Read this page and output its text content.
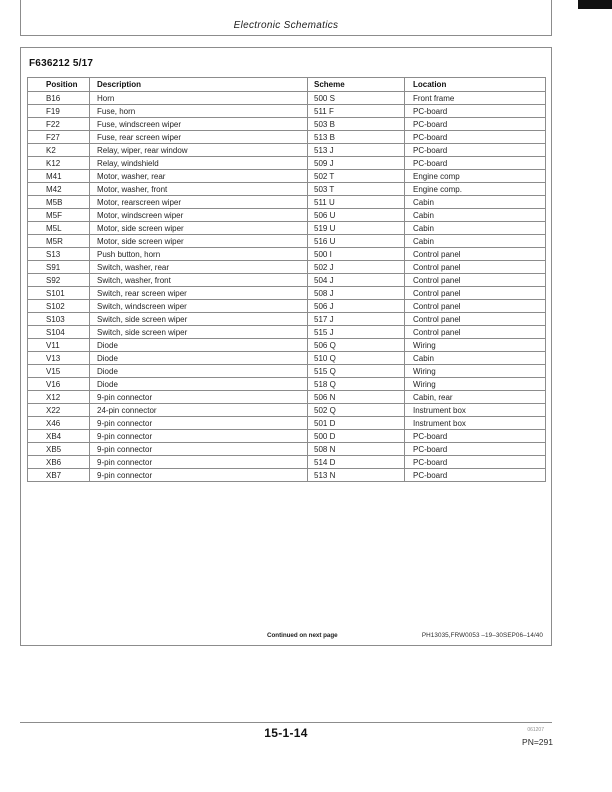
Electronic Schematics
F636212 5/17
Position	Description	Scheme	Location
B16	Horn	500 S	Front frame
F19	Fuse, horn	511 F	PC-board
F22	Fuse, windscreen wiper	503 B	PC-board
F27	Fuse, rear screen wiper	513 B	PC-board
K2	Relay, wiper, rear window	513 J	PC-board
K12	Relay, windshield	509 J	PC-board
M41	Motor, washer, rear	502 T	Engine comp
M42	Motor, washer, front	503 T	Engine comp.
M5B	Motor, rearscreen wiper	511 U	Cabin
M5F	Motor, windscreen wiper	506 U	Cabin
M5L	Motor, side screen wiper	519 U	Cabin
M5R	Motor, side screen wiper	516 U	Cabin
S13	Push button, horn	500 I	Control panel
S91	Switch, washer, rear	502 J	Control panel
S92	Switch, washer, front	504 J	Control panel
S101	Switch, rear screen wiper	508 J	Control panel
S102	Switch, windscreen wiper	506 J	Control panel
S103	Switch, side screen wiper	517 J	Control panel
S104	Switch, side screen wiper	515 J	Control panel
V11	Diode	506 Q	Wiring
V13	Diode	510 Q	Cabin
V15	Diode	515 Q	Wiring
V16	Diode	518 Q	Wiring
X12	9-pin connector	506 N	Cabin, rear
X22	24-pin connector	502 Q	Instrument box
X46	9-pin connector	501 D	Instrument box
XB4	9-pin connector	500 D	PC-board
XB5	9-pin connector	508 N	PC-board
XB6	9-pin connector	514 D	PC-board
XB7	9-pin connector	513 N	PC-board
Continued on next page	PH13035,FRW0053 –19–30SEP06–14/40
15-1-14	061207
PN=291
